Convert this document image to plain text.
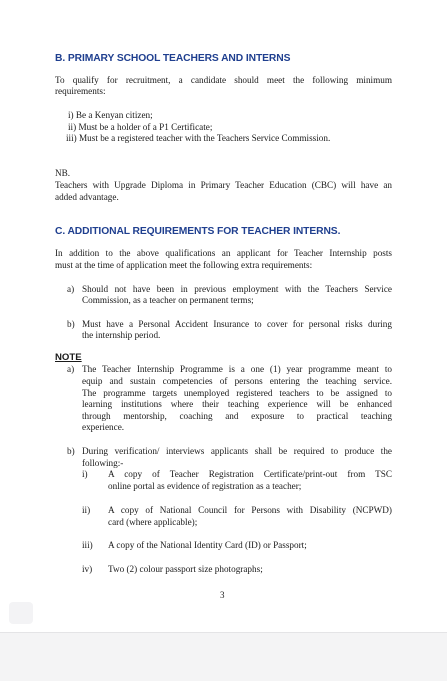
B. PRIMARY SCHOOL TEACHERS AND INTERNS
To qualify for recruitment, a candidate should meet the following minimum
requirements:
i) Be a Kenyan citizen;
ii) Must be a holder of a P1 Certificate;
iii) Must be a registered teacher with the Teachers Service Commission.
NB.
Teachers with Upgrade Diploma in Primary Teacher Education (CBC) will have an
added advantage.
C. ADDITIONAL REQUIREMENTS FOR TEACHER INTERNS.
In addition to the above qualifications an applicant for Teacher Internship posts
must at the time of application meet the following extra requirements:
a) Should not have been in previous employment with the Teachers Service
Commission, as a teacher on permanent terms;
b) Must have a Personal Accident Insurance to cover for personal risks during
the internship period.
NOTE
a) The Teacher Internship Programme is a one (1) year programme meant to
equip and sustain competencies of persons entering the teaching service.
The programme targets unemployed registered teachers to be assigned to
learning institutions where their teaching experience will be enhanced
through mentorship, coaching and exposure to practical teaching
experience.
b) During verification/ interviews applicants shall be required to produce the
following:-
i) A copy of Teacher Registration Certificate/print-out from TSC
online portal as evidence of registration as a teacher;
ii) A copy of National Council for Persons with Disability (NCPWD)
card (where applicable);
iii) A copy of the National Identity Card (ID) or Passport;
iv) Two (2) colour passport size photographs;
3
